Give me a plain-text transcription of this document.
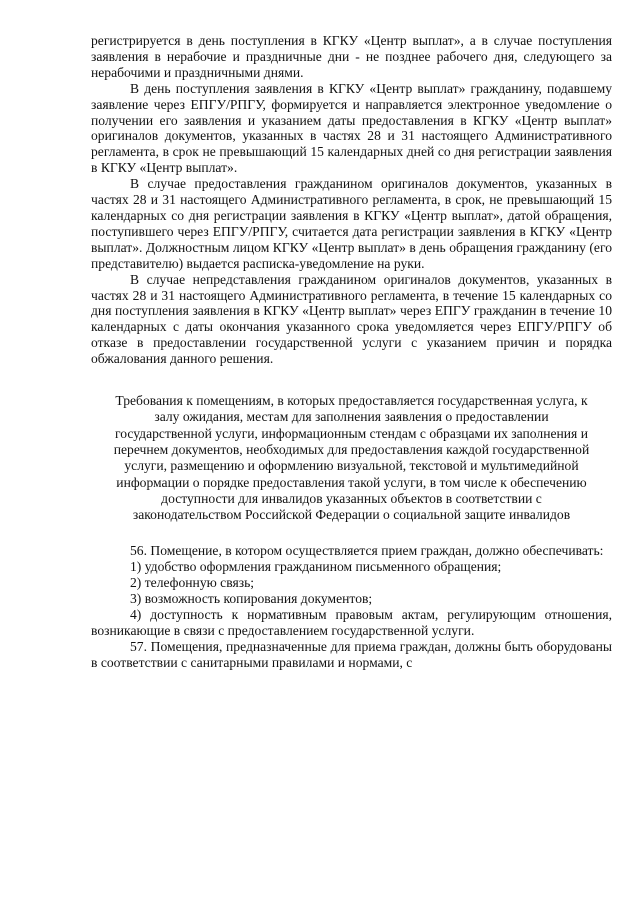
регистрируется в день поступления в КГКУ «Центр выплат», а в случае поступления заявления в нерабочие и праздничные дни - не позднее рабочего дня, следующего за нерабочими и праздничными днями.

В день поступления заявления в КГКУ «Центр выплат» гражданину, подавшему заявление через ЕПГУ/РПГУ, формируется и направляется электронное уведомление о получении его заявления и указанием даты предоставления в КГКУ «Центр выплат» оригиналов документов, указанных в частях 28 и 31 настоящего Административного регламента, в срок не превышающий 15 календарных дней со дня регистрации заявления в КГКУ «Центр выплат».

В случае предоставления гражданином оригиналов документов, указанных в частях 28 и 31 настоящего Административного регламента, в срок, не превышающий 15 календарных со дня регистрации заявления в КГКУ «Центр выплат», датой обращения, поступившего через ЕПГУ/РПГУ, считается дата регистрации заявления в КГКУ «Центр выплат». Должностным лицом КГКУ «Центр выплат» в день обращения гражданину (его представителю) выдается расписка-уведомление на руки.

В случае непредставления гражданином оригиналов документов, указанных в частях 28 и 31 настоящего Административного регламента, в течение 15 календарных со дня поступления заявления в КГКУ «Центр выплат» через ЕПГУ гражданин в течение 10 календарных с даты окончания указанного срока уведомляется через ЕПГУ/РПГУ об отказе в предоставлении государственной услуги с указанием причин и порядка обжалования данного решения.

Требования к помещениям, в которых предоставляется государственная услуга, к залу ожидания, местам для заполнения заявления о предоставлении государственной услуги, информационным стендам с образцами их заполнения и перечнем документов, необходимых для предоставления каждой государственной услуги, размещению и оформлению визуальной, текстовой и мультимедийной информации о порядке предоставления такой услуги, в том числе к обеспечению доступности для инвалидов указанных объектов в соответствии с законодательством Российской Федерации о социальной защите инвалидов

56. Помещение, в котором осуществляется прием граждан, должно обеспечивать:

1) удобство оформления гражданином письменного обращения;

2) телефонную связь;

3) возможность копирования документов;

4) доступность к нормативным правовым актам, регулирующим отношения, возникающие в связи с предоставлением государственной услуги.

57. Помещения, предназначенные для приема граждан, должны быть оборудованы в соответствии с санитарными правилами и нормами, с
